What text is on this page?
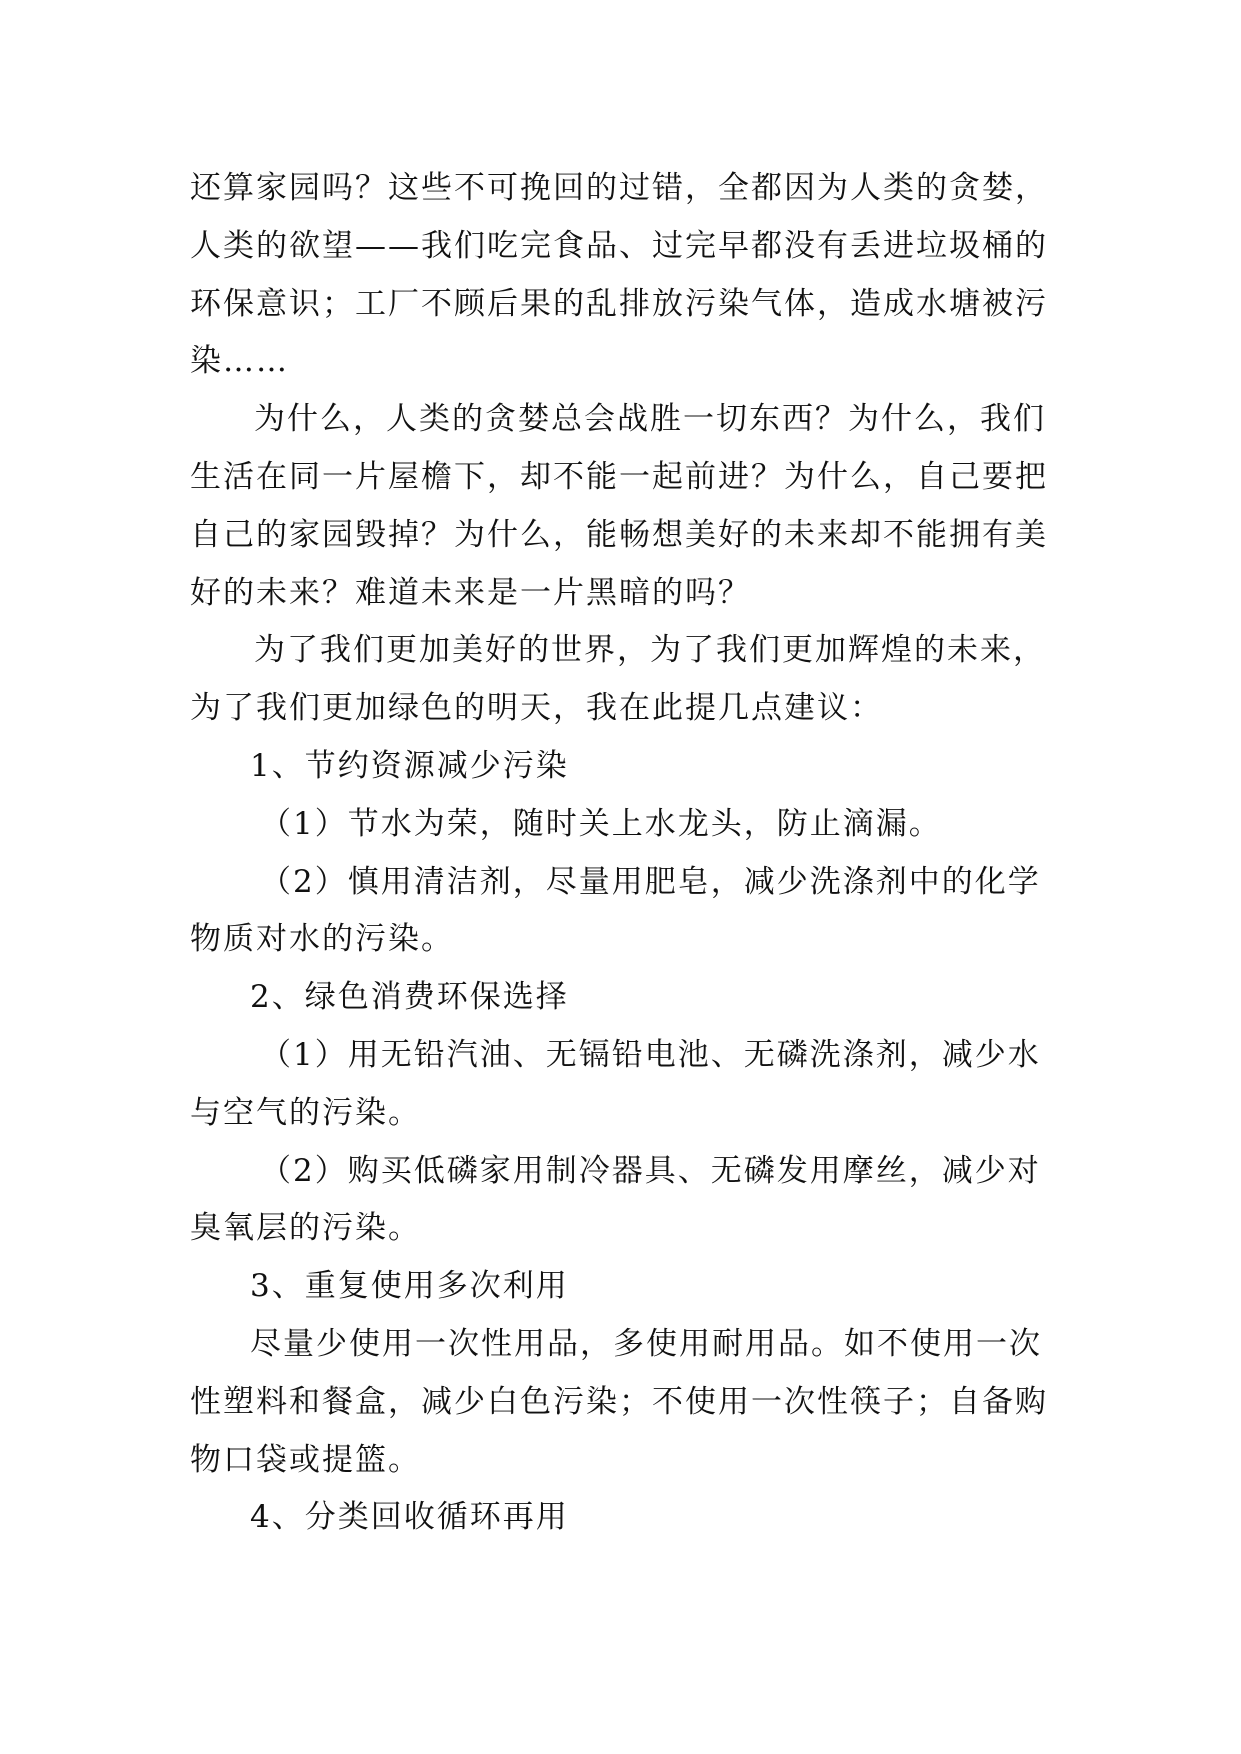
还算家园吗？这些不可挽回的过错，全都因为人类的贪婪，人类的欲望——我们吃完食品、过完早都没有丢进垃圾桶的环保意识；工厂不顾后果的乱排放污染气体，造成水塘被污染……

为什么，人类的贪婪总会战胜一切东西？为什么，我们生活在同一片屋檐下，却不能一起前进？为什么，自己要把自己的家园毁掉？为什么，能畅想美好的未来却不能拥有美好的未来？难道未来是一片黑暗的吗？

为了我们更加美好的世界，为了我们更加辉煌的未来，为了我们更加绿色的明天，我在此提几点建议：

1、节约资源减少污染

（1）节水为荣，随时关上水龙头，防止滴漏。

（2）慎用清洁剂，尽量用肥皂，减少洗涤剂中的化学物质对水的污染。

2、绿色消费环保选择

（1）用无铅汽油、无镉铅电池、无磷洗涤剂，减少水与空气的污染。

（2）购买低磷家用制冷器具、无磷发用摩丝，减少对臭氧层的污染。

3、重复使用多次利用

尽量少使用一次性用品，多使用耐用品。如不使用一次性塑料和餐盒，减少白色污染；不使用一次性筷子；自备购物口袋或提篮。

4、分类回收循环再用
